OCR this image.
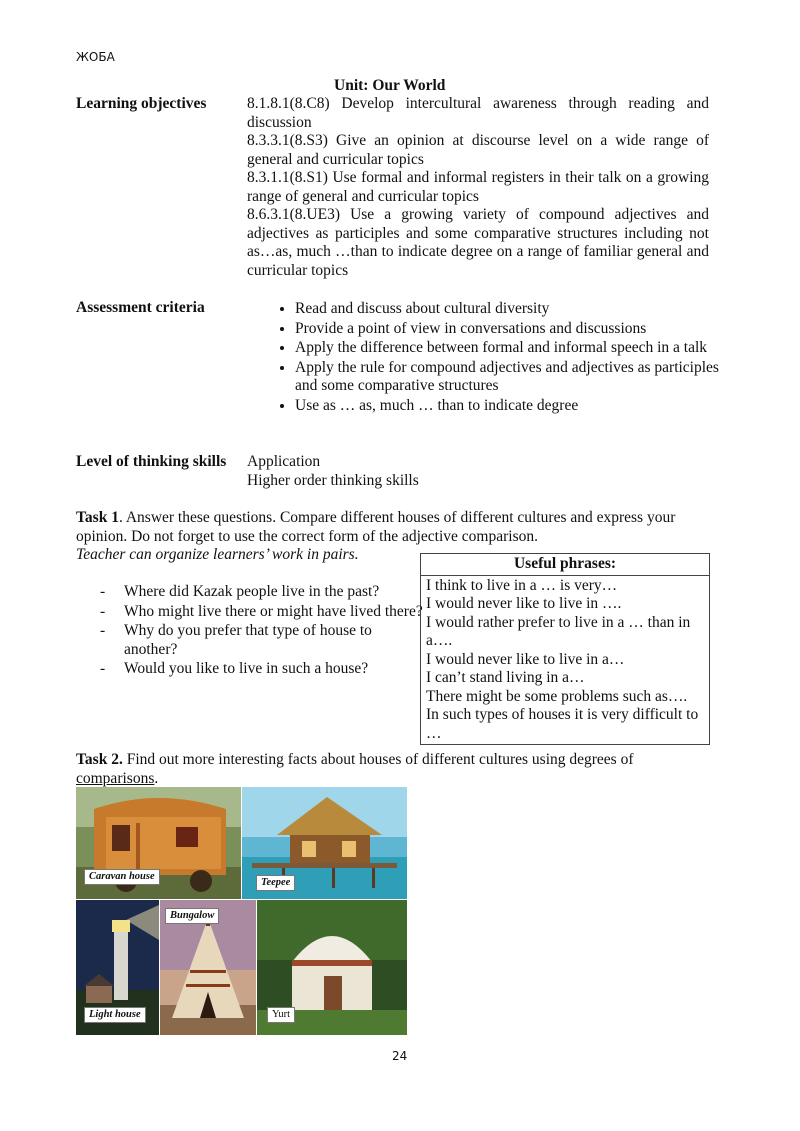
ЖОБА
Unit: Our World
Learning objectives	8.1.8.1(8.C8) Develop intercultural awareness through reading and discussion

8.3.3.1(8.S3) Give an opinion at discourse level on a wide range of general and curricular topics

8.3.1.1(8.S1) Use formal and informal registers in their talk on a growing range of general and curricular topics

8.6.3.1(8.UE3) Use a growing variety of compound adjectives and adjectives as participles and some comparative structures including not as…as, much …than to indicate degree on a range of familiar general and curricular topics

Assessment criteria
•	Read and discuss about cultural diversity
• Provide a point of view in conversations and discussions
• Apply the difference between formal and informal speech in a talk
• Apply the rule for compound adjectives and adjectives as participles and some comparative structures
• Use as … as, much … than to indicate degree
Level of thinking skills Application
Higher order thinking skills

Task 1. Answer these questions. Compare different houses of different cultures and express your opinion. Do not forget to use the correct form of the adjective comparison.

Teacher can organize learners’ work in pairs.

- Where did Kazak people live in the past?
- Who might live there or might have lived there?
- Why do you prefer that type of house to another?
- Would you like to live in such a house?
Useful phrases:
I think to live in a … is very…
I would never like to live in ….
I would rather prefer to live in a … than in a….
I would never like to live in a…
I can’t stand living in a…
There might be some problems such as….
In such types of houses it is very difficult to …
Task 2. Find out more interesting facts about houses of different cultures using degrees of comparisons.
Caravan house
Teepee
Light house
Bungalow
Yurt
24
